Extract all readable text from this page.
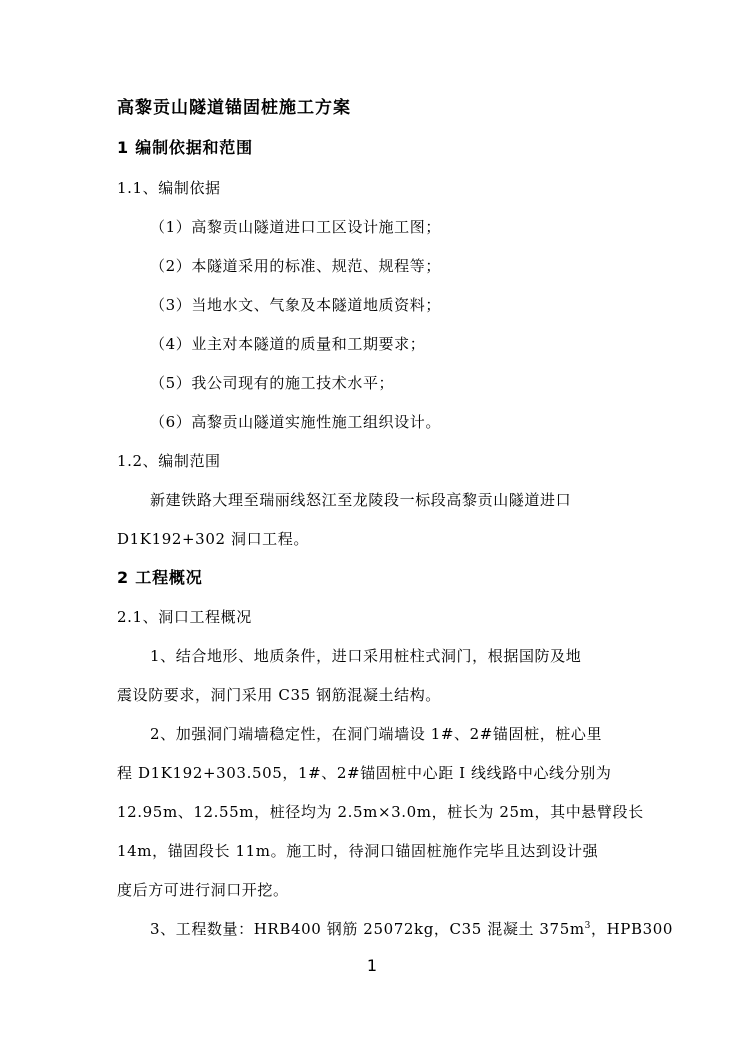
高黎贡山隧道锚固桩施工方案
1 编制依据和范围
1.1、编制依据
（1）高黎贡山隧道进口工区设计施工图；
（2）本隧道采用的标准、规范、规程等；
（3）当地水文、气象及本隧道地质资料；
（4）业主对本隧道的质量和工期要求；
（5）我公司现有的施工技术水平；
（6）高黎贡山隧道实施性施工组织设计。
1.2、编制范围
新建铁路大理至瑞丽线怒江至龙陵段一标段高黎贡山隧道进口
D1K192+302 洞口工程。
2 工程概况
2.1、洞口工程概况
1、结合地形、地质条件，进口采用桩柱式洞门，根据国防及地
震设防要求，洞门采用 C35 钢筋混凝土结构。
2、加强洞门端墙稳定性，在洞门端墙设 1#、2#锚固桩，桩心里
程 D1K192+303.505，1#、2#锚固桩中心距 I 线线路中心线分别为
12.95m、12.55m，桩径均为 2.5m×3.0m，桩长为 25m，其中悬臂段长
14m，锚固段长 11m。施工时，待洞口锚固桩施作完毕且达到设计强
度后方可进行洞口开挖。
3、工程数量：HRB400 钢筋 25072kg，C35 混凝土 $375m^3$，HPB300
1
